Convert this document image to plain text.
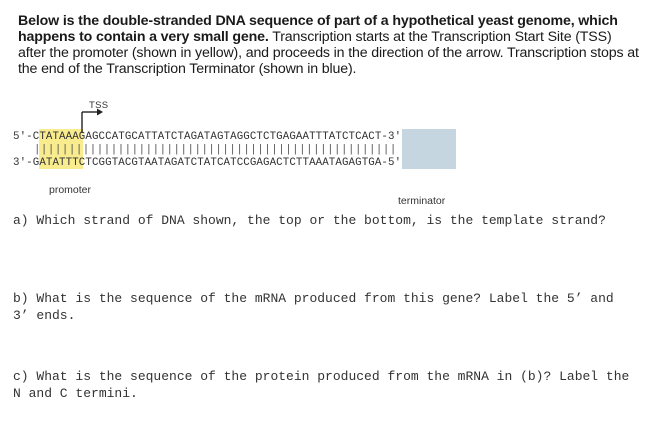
Below is the double-stranded DNA sequence of part of a hypothetical yeast genome, which happens to contain a very small gene. Transcription starts at the Transcription Start Site (TSS) after the promoter (shown in yellow), and proceeds in the direction of the arrow. Transcription stops at the end of the Transcription Terminator (shown in blue).
TSS
5'-CTATAAAGAGCCATGCATTATCTAGATAGTAGGCTCTGAGAATTTATCTCACT-3'
||||||||||||||||||||||||||||||||||||||||||||||||||||
3'-GATATTTCTCGGTACGTAATAGATCTATCATCCGAGACTCTTAAATAGAGTGA-5'
promoter
terminator
a) Which strand of DNA shown, the top or the bottom, is the template strand?
b) What is the sequence of the mRNA produced from this gene? Label the 5’ and 3’ ends.
c) What is the sequence of the protein produced from the mRNA in (b)? Label the N and C termini.
